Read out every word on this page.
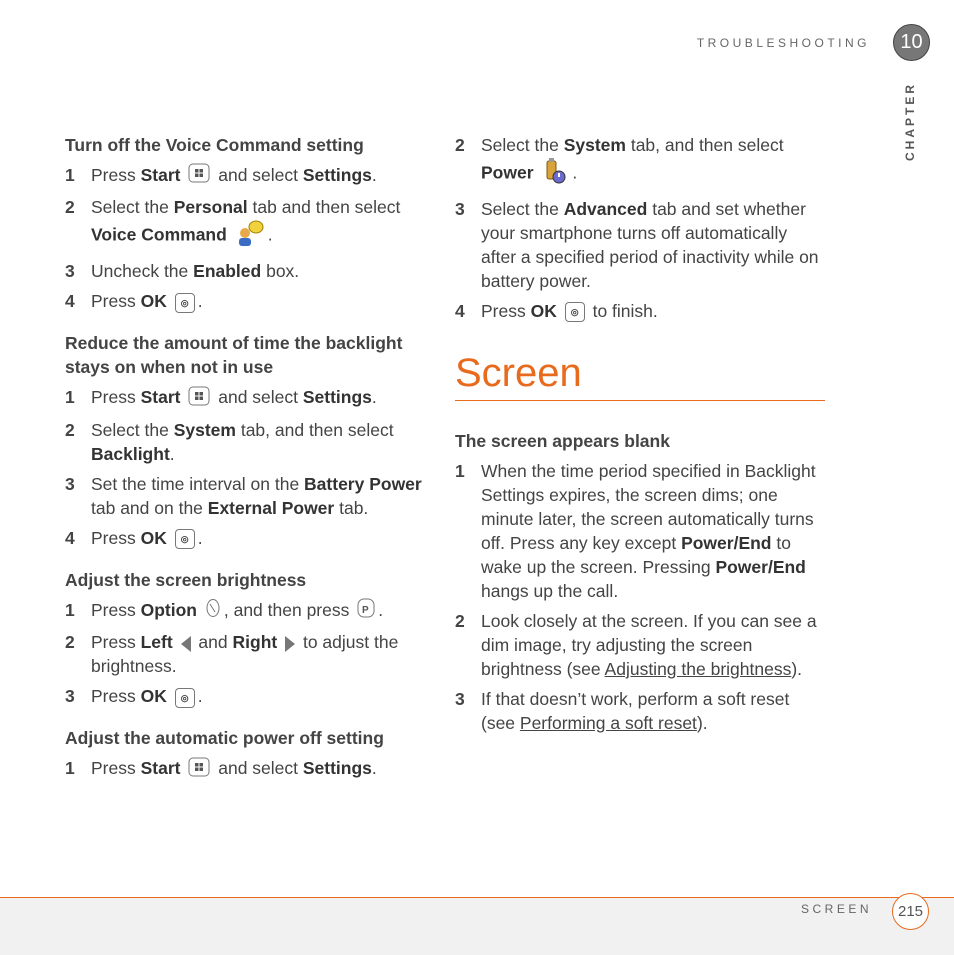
TROUBLESHOOTING	10
CHAPTER
Turn off the Voice Command setting
1 Press Start  and select Settings.
2 Select the Personal tab and then select Voice Command .
3 Uncheck the Enabled box.
4 Press OK ◎ .
Reduce the amount of time the backlight stays on when not in use
1 Press Start  and select Settings.
2 Select the System tab, and then select Backlight.
3 Set the time interval on the Battery Power tab and on the External Power tab.
4 Press OK ◎ .
Adjust the screen brightness
1 Press Option , and then press P .
2 Press Left  and Right  to adjust the brightness.
3 Press OK ◎ .
Adjust the automatic power off setting
1 Press Start  and select Settings.
2 Select the System tab, and then select Power .
3 Select the Advanced tab and set whether your smartphone turns off automatically after a specified period of inactivity while on battery power.
4 Press OK ◎ to finish.
Screen
The screen appears blank
1 When the time period specified in Backlight Settings expires, the screen dims; one minute later, the screen automatically turns off. Press any key except Power/End to wake up the screen. Pressing Power/End hangs up the call.
2 Look closely at the screen. If you can see a dim image, try adjusting the screen brightness (see Adjusting the brightness).
3 If that doesn’t work, perform a soft reset (see Performing a soft reset).
SCREEN	215
